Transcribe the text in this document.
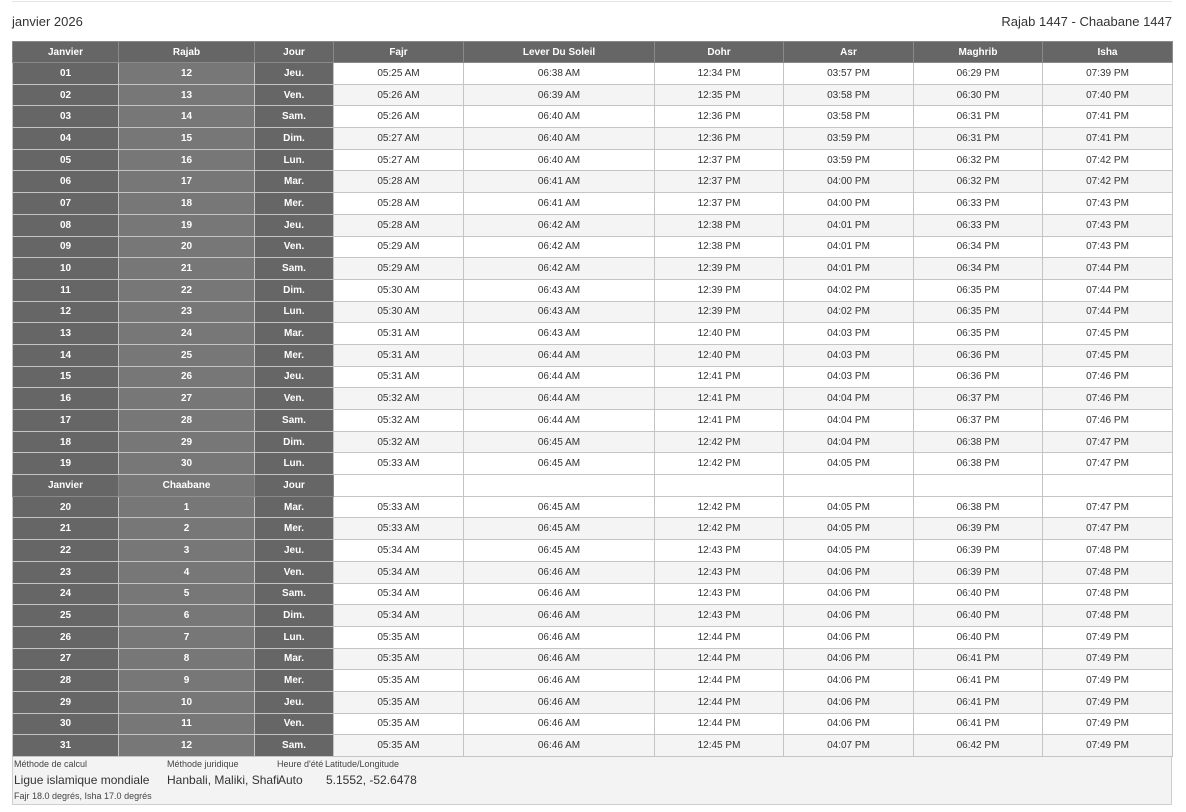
janvier 2026	Rajab 1447 - Chaabane 1447
Janvier	Rajab	Jour	Fajr	Lever Du Soleil	Dohr	Asr	Maghrib	Isha
01	12	Jeu.	05:25 AM	06:38 AM	12:34 PM	03:57 PM	06:29 PM	07:39 PM
02	13	Ven.	05:26 AM	06:39 AM	12:35 PM	03:58 PM	06:30 PM	07:40 PM
03	14	Sam.	05:26 AM	06:40 AM	12:36 PM	03:58 PM	06:31 PM	07:41 PM
04	15	Dim.	05:27 AM	06:40 AM	12:36 PM	03:59 PM	06:31 PM	07:41 PM
05	16	Lun.	05:27 AM	06:40 AM	12:37 PM	03:59 PM	06:32 PM	07:42 PM
06	17	Mar.	05:28 AM	06:41 AM	12:37 PM	04:00 PM	06:32 PM	07:42 PM
07	18	Mer.	05:28 AM	06:41 AM	12:37 PM	04:00 PM	06:33 PM	07:43 PM
08	19	Jeu.	05:28 AM	06:42 AM	12:38 PM	04:01 PM	06:33 PM	07:43 PM
09	20	Ven.	05:29 AM	06:42 AM	12:38 PM	04:01 PM	06:34 PM	07:43 PM
10	21	Sam.	05:29 AM	06:42 AM	12:39 PM	04:01 PM	06:34 PM	07:44 PM
11	22	Dim.	05:30 AM	06:43 AM	12:39 PM	04:02 PM	06:35 PM	07:44 PM
12	23	Lun.	05:30 AM	06:43 AM	12:39 PM	04:02 PM	06:35 PM	07:44 PM
13	24	Mar.	05:31 AM	06:43 AM	12:40 PM	04:03 PM	06:35 PM	07:45 PM
14	25	Mer.	05:31 AM	06:44 AM	12:40 PM	04:03 PM	06:36 PM	07:45 PM
15	26	Jeu.	05:31 AM	06:44 AM	12:41 PM	04:03 PM	06:36 PM	07:46 PM
16	27	Ven.	05:32 AM	06:44 AM	12:41 PM	04:04 PM	06:37 PM	07:46 PM
17	28	Sam.	05:32 AM	06:44 AM	12:41 PM	04:04 PM	06:37 PM	07:46 PM
18	29	Dim.	05:32 AM	06:45 AM	12:42 PM	04:04 PM	06:38 PM	07:47 PM
19	30	Lun.	05:33 AM	06:45 AM	12:42 PM	04:05 PM	06:38 PM	07:47 PM
Janvier	Chaabane	Jour						
20	1	Mar.	05:33 AM	06:45 AM	12:42 PM	04:05 PM	06:38 PM	07:47 PM
21	2	Mer.	05:33 AM	06:45 AM	12:42 PM	04:05 PM	06:39 PM	07:47 PM
22	3	Jeu.	05:34 AM	06:45 AM	12:43 PM	04:05 PM	06:39 PM	07:48 PM
23	4	Ven.	05:34 AM	06:46 AM	12:43 PM	04:06 PM	06:39 PM	07:48 PM
24	5	Sam.	05:34 AM	06:46 AM	12:43 PM	04:06 PM	06:40 PM	07:48 PM
25	6	Dim.	05:34 AM	06:46 AM	12:43 PM	04:06 PM	06:40 PM	07:48 PM
26	7	Lun.	05:35 AM	06:46 AM	12:44 PM	04:06 PM	06:40 PM	07:49 PM
27	8	Mar.	05:35 AM	06:46 AM	12:44 PM	04:06 PM	06:41 PM	07:49 PM
28	9	Mer.	05:35 AM	06:46 AM	12:44 PM	04:06 PM	06:41 PM	07:49 PM
29	10	Jeu.	05:35 AM	06:46 AM	12:44 PM	04:06 PM	06:41 PM	07:49 PM
30	11	Ven.	05:35 AM	06:46 AM	12:44 PM	04:06 PM	06:41 PM	07:49 PM
31	12	Sam.	05:35 AM	06:46 AM	12:45 PM	04:07 PM	06:42 PM	07:49 PM
Méthode de calcul
Ligue islamique mondiale
Fajr 18.0 degrés, Isha 17.0 degrés
Méthode juridique
Hanbali, Maliki, Shafi
Heure d'été
Auto
Latitude/Longitude
5.1552, -52.6478
